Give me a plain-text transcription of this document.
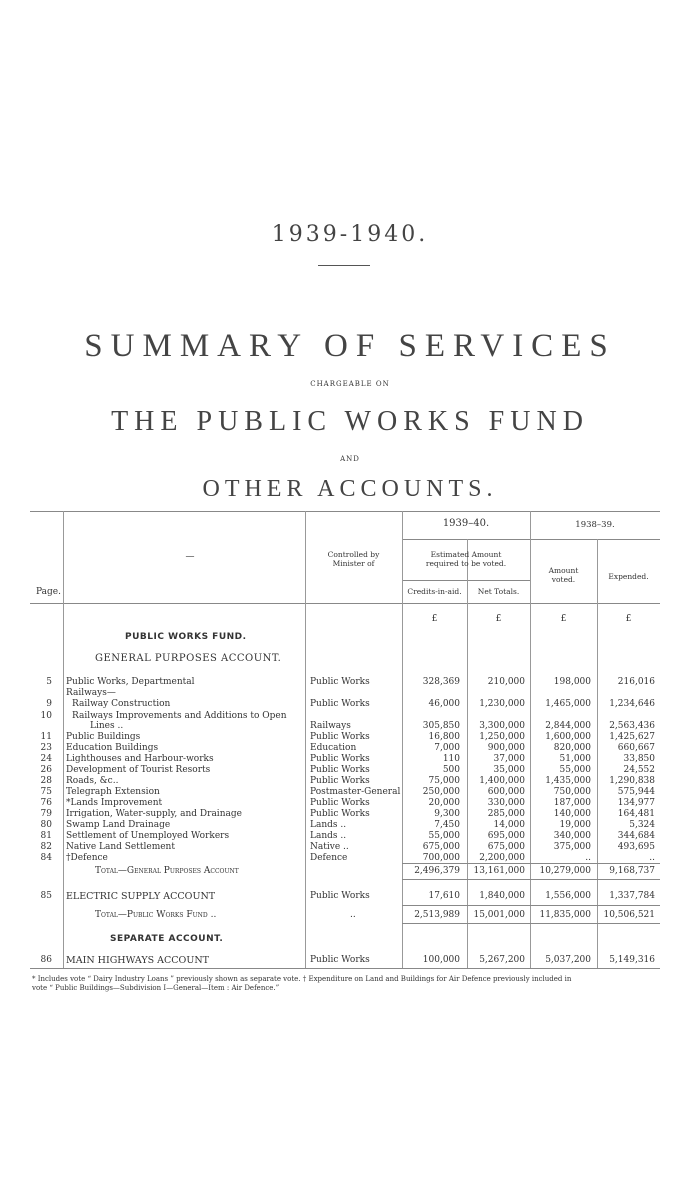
1939-1940.
SUMMARY OF SERVICES
CHARGEABLE ON
THE PUBLIC WORKS FUND
AND
OTHER ACCOUNTS.
Page.
—	Controlled by
Minister of
1939–40.	1938–39.
Estimated Amount
required to be voted.
Credits-in-aid.	Net Totals.
Amount
voted.	Expended.
£	£	£	£
PUBLIC WORKS FUND.
GENERAL PURPOSES ACCOUNT.
5 Public Works, Departmental	Public Works	328,369	210,000	198,000	216,016
Railways—
9 Railway Construction	Public Works	46,000	1,230,000	1,465,000	1,234,646
10 Railways Improvements and Additions to Open
Lines ..	Railways	305,850	3,300,000	2,844,000	2,563,436
11 Public Buildings	Public Works	16,800	1,250,000	1,600,000	1,425,627
23 Education Buildings	Education	7,000	900,000	820,000	660,667
24 Lighthouses and Harbour-works	Public Works	110	37,000	51,000	33,850
26 Development of Tourist Resorts	Public Works	500	35,000	55,000	24,552
28 Roads, &c..	Public Works	75,000	1,400,000	1,435,000	1,290,838
75 Telegraph Extension	Postmaster-General	250,000	600,000	750,000	575,944
76 *Lands Improvement	Public Works	20,000	330,000	187,000	134,977
79 Irrigation, Water-supply, and Drainage	Public Works	9,300	285,000	140,000	164,481
80 Swamp Land Drainage	Lands ..	7,450	14,000	19,000	5,324
81 Settlement of Unemployed Workers	Lands ..	55,000	695,000	340,000	344,684
82 Native Land Settlement	Native ..	675,000	675,000	375,000	493,695
84 †Defence	Defence	700,000	2,200,000	..	..
Total—General Purposes Account	2,496,379	13,161,000	10,279,000	9,168,737
85 ELECTRIC SUPPLY ACCOUNT	Public Works	17,610	1,840,000	1,556,000	1,337,784
Total—Public Works Fund ..	..	2,513,989	15,001,000	11,835,000	10,506,521
SEPARATE ACCOUNT.
86 MAIN HIGHWAYS ACCOUNT	Public Works	100,000	5,267,200	5,037,200	5,149,316
* Includes vote “ Dairy Industry Loans ” previously shown as separate vote. † Expenditure on Land and Buildings for Air Defence previously included in
vote “ Public Buildings—Subdivision I—General—Item : Air Defence.”
